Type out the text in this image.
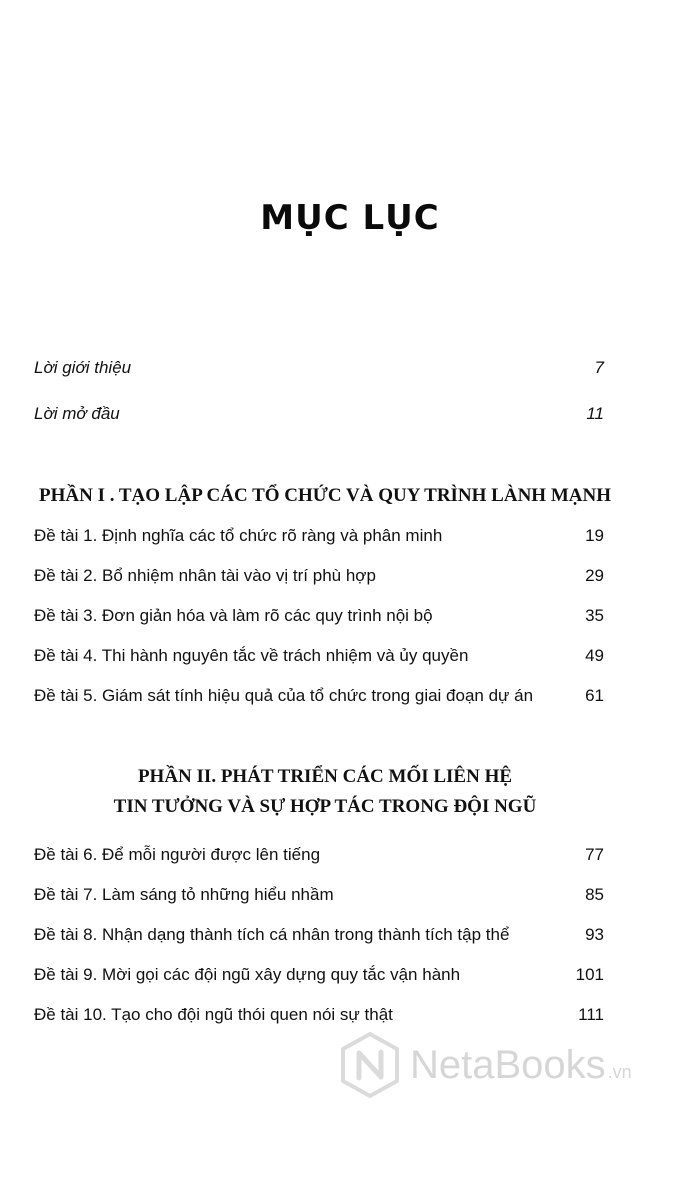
MỤC LỤC
Lời giới thiệu	7
Lời mở đầu	11
PHẦN I . TẠO LẬP CÁC TỔ CHỨC VÀ QUY TRÌNH LÀNH MẠNH
Đề tài 1. Định nghĩa các tổ chức rõ ràng và phân minh	19
Đề tài 2. Bổ nhiệm nhân tài vào vị trí phù hợp	29
Đề tài 3. Đơn giản hóa và làm rõ các quy trình nội bộ	35
Đề tài 4. Thi hành nguyên tắc về trách nhiệm và ủy quyền	49
Đề tài 5. Giám sát tính hiệu quả của tổ chức trong giai đoạn dự án	61
PHẦN II. PHÁT TRIỂN CÁC MỐI LIÊN HỆ
TIN TƯỞNG VÀ SỰ HỢP TÁC TRONG ĐỘI NGŨ
Đề tài 6. Để mỗi người được lên tiếng	77
Đề tài 7. Làm sáng tỏ những hiểu nhầm	85
Đề tài 8. Nhận dạng thành tích cá nhân trong thành tích tập thể	93
Đề tài 9. Mời gọi các đội ngũ xây dựng quy tắc vận hành	101
Đề tài 10. Tạo cho đội ngũ thói quen nói sự thật	111
NetaBooks .vn
